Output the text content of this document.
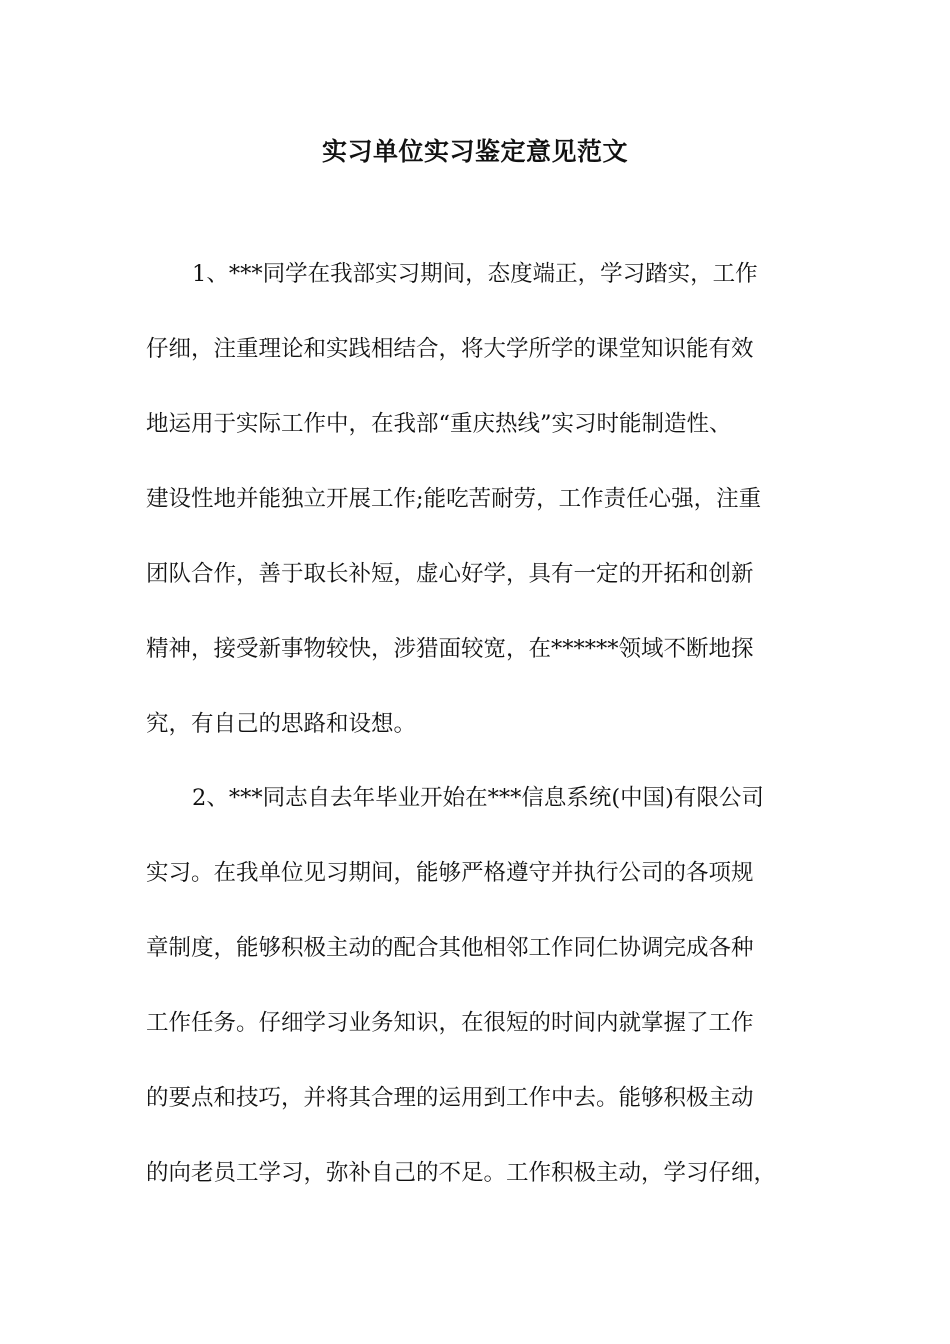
实习单位实习鉴定意见范文
1、***同学在我部实习期间，态度端正，学习踏实，工作
仔细，注重理论和实践相结合，将大学所学的课堂知识能有效
地运用于实际工作中，在我部“重庆热线”实习时能制造性、
建设性地并能独立开展工作;能吃苦耐劳，工作责任心强，注重
团队合作，善于取长补短，虚心好学，具有一定的开拓和创新
精神，接受新事物较快，涉猎面较宽，在******领域不断地探
究，有自己的思路和设想。
2、***同志自去年毕业开始在***信息系统(中国)有限公司
实习。在我单位见习期间，能够严格遵守并执行公司的各项规
章制度，能够积极主动的配合其他相邻工作同仁协调完成各种
工作任务。仔细学习业务知识，在很短的时间内就掌握了工作
的要点和技巧，并将其合理的运用到工作中去。能够积极主动
的向老员工学习，弥补自己的不足。工作积极主动，学习仔细，
